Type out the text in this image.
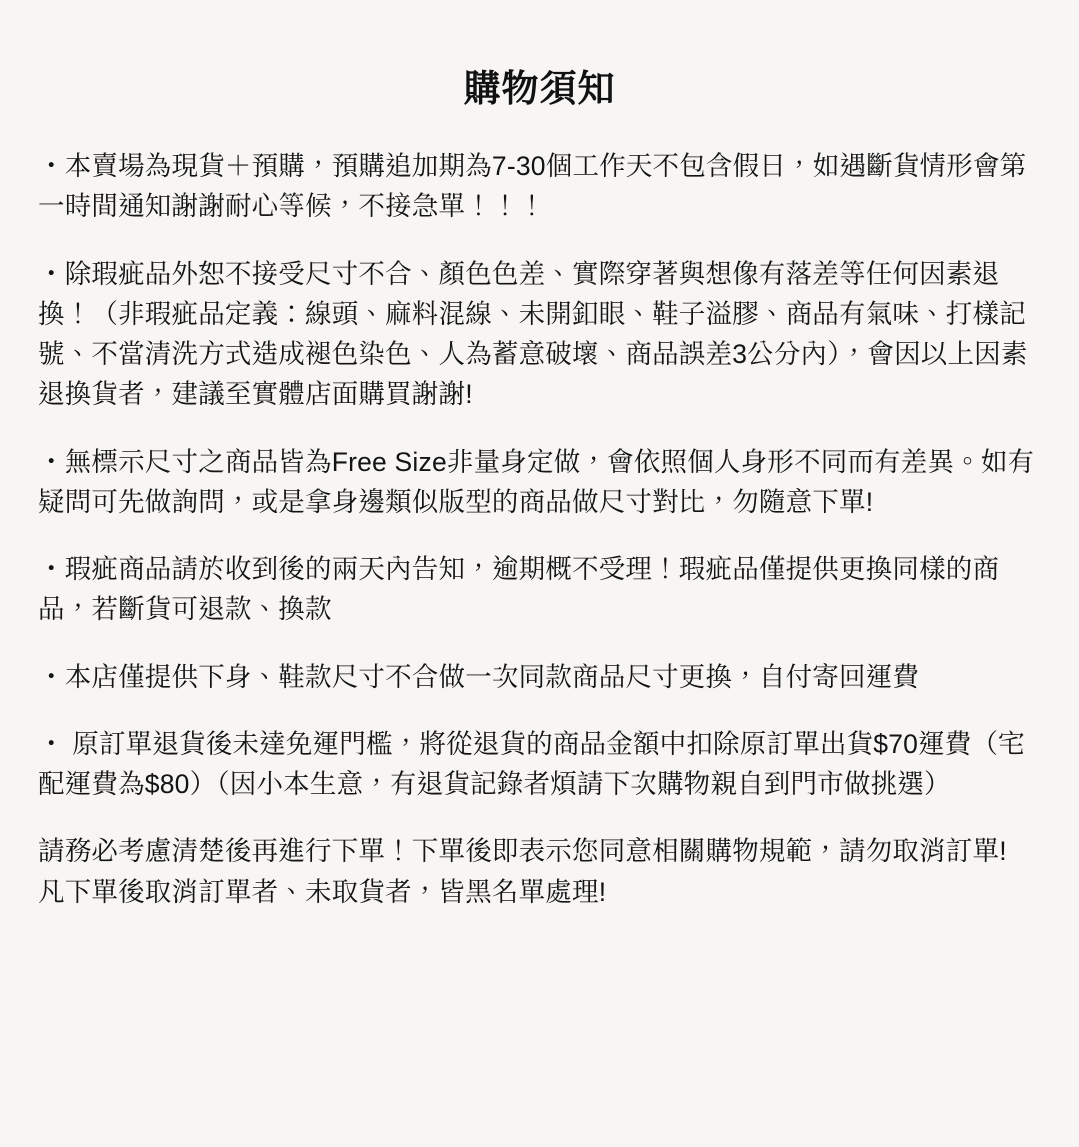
購物須知

・本賣場為現貨＋預購，預購追加期為7-30個工作天不包含假日，如遇斷貨情形會第一時間通知謝謝耐心等候，不接急單！！！

・除瑕疵品外恕不接受尺寸不合、顏色色差、實際穿著與想像有落差等任何因素退換！（非瑕疵品定義：線頭、麻料混線、未開釦眼、鞋子溢膠、商品有氣味、打樣記號、不當清洗方式造成褪色染色、人為蓄意破壞、商品誤差3公分內），會因以上因素退換貨者，建議至實體店面購買謝謝!

・無標示尺寸之商品皆為Free Size非量身定做，會依照個人身形不同而有差異。如有疑問可先做詢問，或是拿身邊類似版型的商品做尺寸對比，勿隨意下單!

・瑕疵商品請於收到後的兩天內告知，逾期概不受理！瑕疵品僅提供更換同樣的商品，若斷貨可退款、換款

・本店僅提供下身、鞋款尺寸不合做一次同款商品尺寸更換，自付寄回運費

・ 原訂單退貨後未達免運門檻，將從退貨的商品金額中扣除原訂單出貨$70運費（宅配運費為$80）（因小本生意，有退貨記錄者煩請下次購物親自到門市做挑選）

請務必考慮清楚後再進行下單！下單後即表示您同意相關購物規範，請勿取消訂單! 凡下單後取消訂單者、未取貨者，皆黑名單處理!
